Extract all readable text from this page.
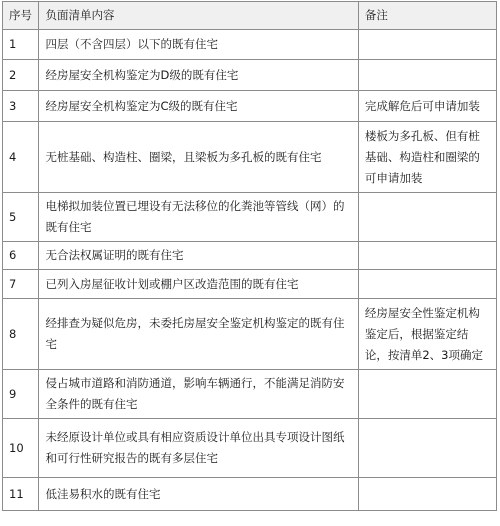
序号	负面清单内容	备注
1	四层（不含四层）以下的既有住宅	
2	经房屋安全机构鉴定为D级的既有住宅	
3	经房屋安全机构鉴定为C级的既有住宅	完成解危后可申请加装
4	无桩基础、构造柱、圈梁，且梁板为多孔板的既有住宅	楼板为多孔板、但有桩基础、构造柱和圈梁的可申请加装
5	电梯拟加装位置已埋设有无法移位的化粪池等管线（网）的既有住宅	
6	无合法权属证明的既有住宅	
7	已列入房屋征收计划或棚户区改造范围的既有住宅	
8	经排查为疑似危房，未委托房屋安全鉴定机构鉴定的既有住宅	经房屋安全性鉴定机构鉴定后，根据鉴定结论，按清单2、3项确定
9	侵占城市道路和消防通道，影响车辆通行，不能满足消防安全条件的既有住宅	
10	未经原设计单位或具有相应资质设计单位出具专项设计图纸和可行性研究报告的既有多层住宅	
11	低洼易积水的既有住宅	
